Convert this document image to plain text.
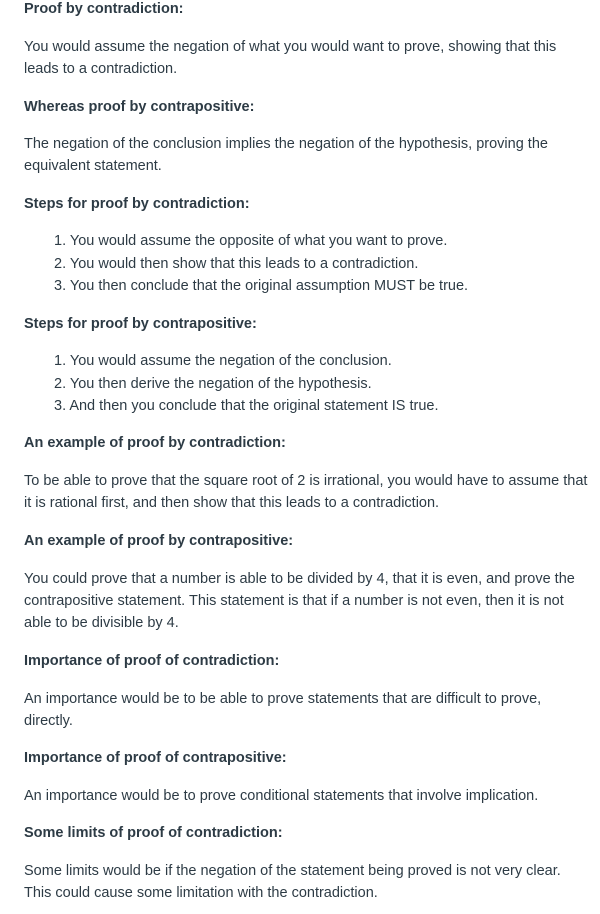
Proof by contradiction:

You would assume the negation of what you would want to prove, showing that this leads to a contradiction.

Whereas proof by contrapositive:

The negation of the conclusion implies the negation of the hypothesis, proving the equivalent statement.

Steps for proof by contradiction:

1. You would assume the opposite of what you want to prove.
2. You would then show that this leads to a contradiction.
3. You then conclude that the original assumption MUST be true.

Steps for proof by contrapositive:

1. You would assume the negation of the conclusion.
2. You then derive the negation of the hypothesis.
3. And then you conclude that the original statement IS true.

An example of proof by contradiction:

To be able to prove that the square root of 2 is irrational, you would have to assume that it is rational first, and then show that this leads to a contradiction.

An example of proof by contrapositive:

You could prove that a number is able to be divided by 4, that it is even, and prove the contrapositive statement. This statement is that if a number is not even, then it is not able to be divisible by 4.

Importance of proof of contradiction:

An importance would be to be able to prove statements that are difficult to prove, directly.

Importance of proof of contrapositive:

An importance would be to prove conditional statements that involve implication.

Some limits of proof of contradiction:

Some limits would be if the negation of the statement being proved is not very clear. This could cause some limitation with the contradiction.
